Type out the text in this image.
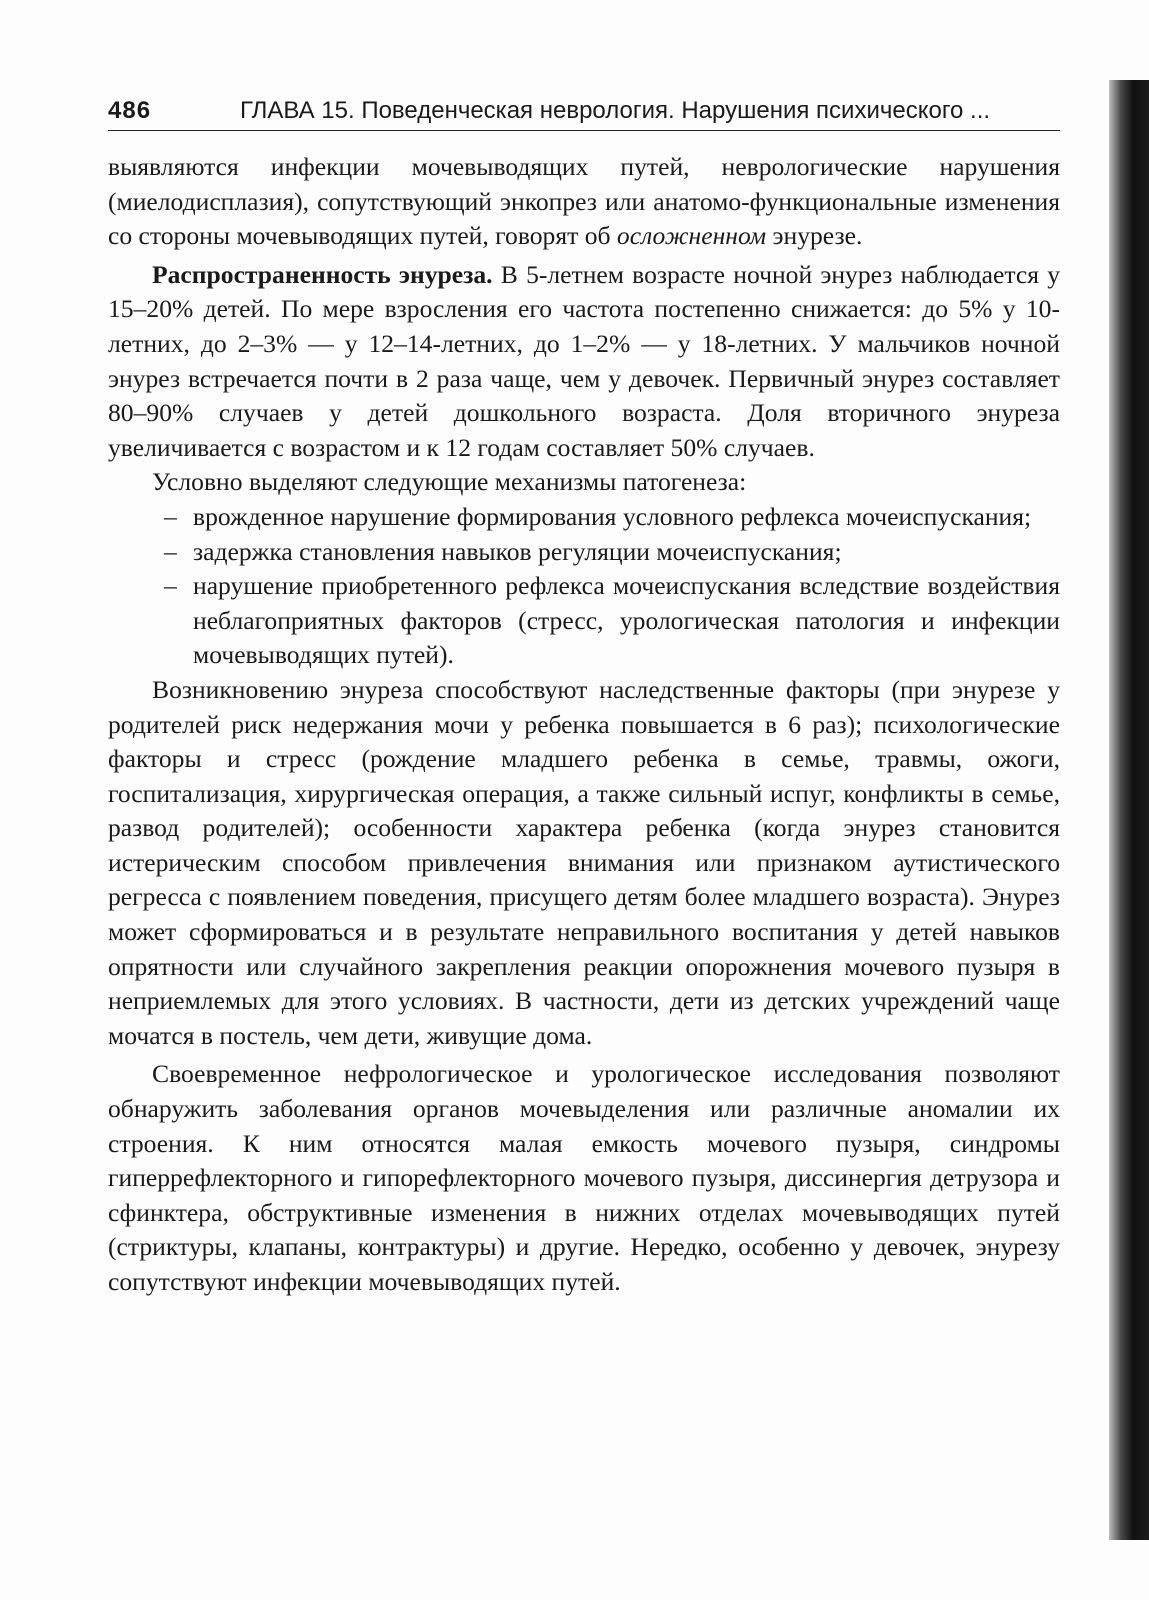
486	ГЛАВА 15. Поведенческая неврология. Нарушения психического ...

выявляются инфекции мочевыводящих путей, неврологические нарушения (миелодисплазия), сопутствующий энкопрез или анатомо-функциональные изменения со стороны мочевыводящих путей, говорят об осложненном энурезе.

Распространенность энуреза. В 5-летнем возрасте ночной энурез наблюдается у 15–20% детей. По мере взросления его частота постепенно снижается: до 5% у 10-летних, до 2–3% — у 12–14-летних, до 1–2% — у 18-летних. У мальчиков ночной энурез встречается почти в 2 раза чаще, чем у девочек. Первичный энурез составляет 80–90% случаев у детей дошкольного возраста. Доля вторичного энуреза увеличивается с возрастом и к 12 годам составляет 50% случаев.

Условно выделяют следующие механизмы патогенеза:

– врожденное нарушение формирования условного рефлекса мочеиспускания;
– задержка становления навыков регуляции мочеиспускания;
– нарушение приобретенного рефлекса мочеиспускания вследствие воздействия неблагоприятных факторов (стресс, урологическая патология и инфекции мочевыводящих путей).

Возникновению энуреза способствуют наследственные факторы (при энурезе у родителей риск недержания мочи у ребенка повышается в 6 раз); психологические факторы и стресс (рождение младшего ребенка в семье, травмы, ожоги, госпитализация, хирургическая операция, а также сильный испуг, конфликты в семье, развод родителей); особенности характера ребенка (когда энурез становится истерическим способом привлечения внимания или признаком аутистического регресса с появлением поведения, присущего детям более младшего возраста). Энурез может сформироваться и в результате неправильного воспитания у детей навыков опрятности или случайного закрепления реакции опорожнения мочевого пузыря в неприемлемых для этого условиях. В частности, дети из детских учреждений чаще мочатся в постель, чем дети, живущие дома.

Своевременное нефрологическое и урологическое исследования позволяют обнаружить заболевания органов мочевыделения или различные аномалии их строения. К ним относятся малая емкость мочевого пузыря, синдромы гиперрефлекторного и гипорефлекторного мочевого пузыря, диссинергия детрузора и сфинктера, обструктивные изменения в нижних отделах мочевыводящих путей (стриктуры, клапаны, контрактуры) и другие. Нередко, особенно у девочек, энурезу сопутствуют инфекции мочевыводящих путей.
